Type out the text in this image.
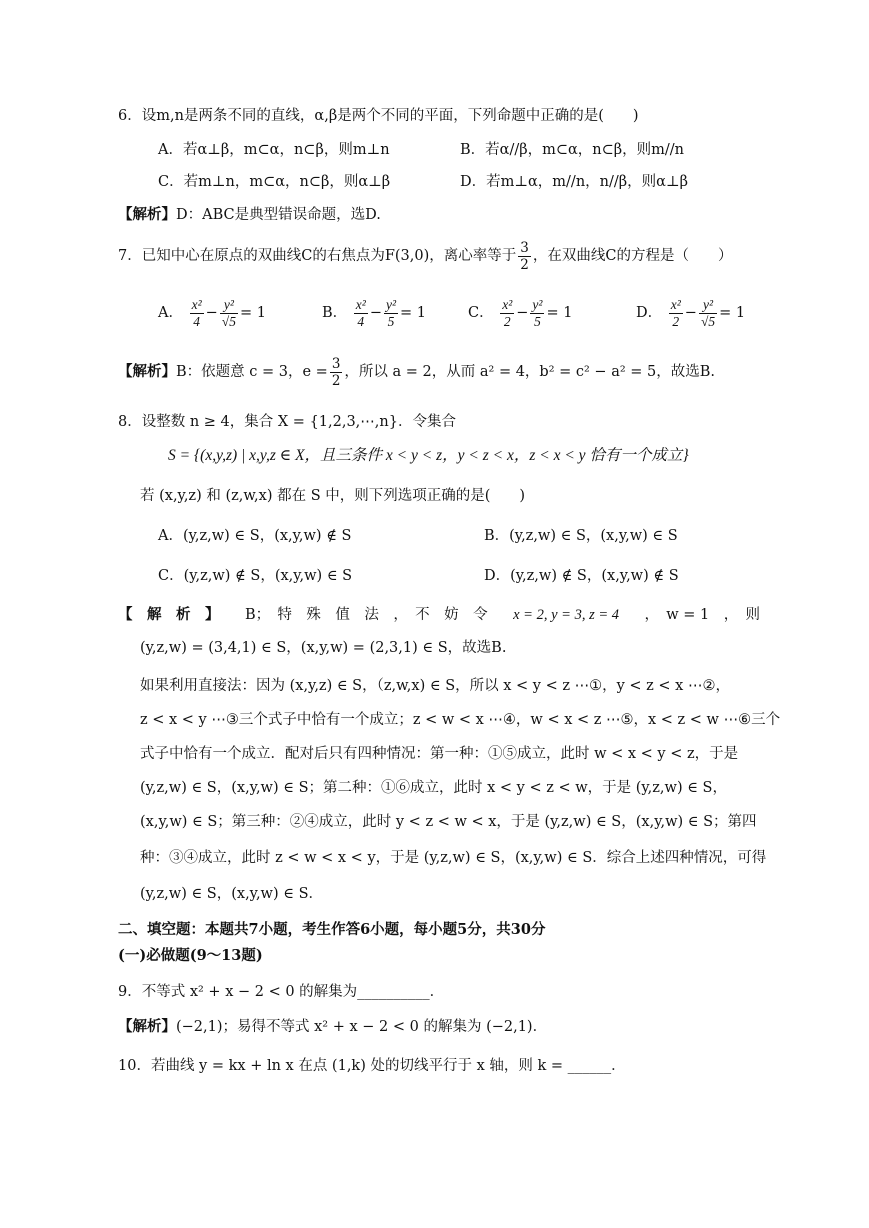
6．设m,n是两条不同的直线，α,β是两个不同的平面，下列命题中正确的是(　　)
A．若α⊥β，m⊂α，n⊂β，则m⊥n	B．若α//β，m⊂α，n⊂β，则m//n
C．若m⊥n，m⊂α，n⊂β，则α⊥β	D．若m⊥α，m//n，n//β，则α⊥β
【解析】D：ABC是典型错误命题，选D.
7．已知中心在原点的双曲线C的右焦点为F(3,0)，离心率等于 $\frac{3}{2}$ ，在双曲线C的方程是（　　）
A． $\frac{\text{x²}}{4} - \frac{\text{y²}}{√5} = 1$	B． $\frac{\text{x²}}{4} - \frac{\text{y²}}{5} = 1$	C． $\frac{\text{x²}}{2} - \frac{\text{y²}}{5} = 1$	D． $\frac{\text{x²}}{2} - \frac{\text{y²}}{√5} = 1$
【解析】B：依题意 c = 3，$e = \frac{3}{2}$ ，所以 a = 2，从而 a² = 4，b² = c² − a² = 5，故选B.
8．设整数 n ≥ 4，集合 X = {1,2,3,⋯,n}．令集合
S = {(x,y,z) | x,y,z ∈ X，且三条件 x < y < z，y < z < x，z < x < y 恰有一个成立}
若 (x,y,z) 和 (z,w,x) 都在 S 中，则下列选项正确的是(　　)
A．(y,z,w) ∈ S，(x,y,w) ∉ S	B．(y,z,w) ∈ S，(x,y,w) ∈ S
C．(y,z,w) ∉ S，(x,y,w) ∈ S	D．(y,z,w) ∉ S，(x,y,w) ∉ S
【　解　析　】 B；　特　殊　值　法　，　不　妨　令 x = 2, y = 3, z = 4 ，　w = 1　，　则
(y,z,w) = (3,4,1) ∈ S，(x,y,w) = (2,3,1) ∈ S，故选B.
如果利用直接法：因为 (x,y,z) ∈ S，（z,w,x) ∈ S，所以 x < y < z ⋯①，y < z < x ⋯②，
z < x < y ⋯③三个式子中恰有一个成立；z < w < x ⋯④，w < x < z ⋯⑤，x < z < w ⋯⑥三个
式子中恰有一个成立．配对后只有四种情况：第一种：①⑤成立，此时 w < x < y < z，于是
(y,z,w) ∈ S，(x,y,w) ∈ S；第二种：①⑥成立，此时 x < y < z < w，于是 (y,z,w) ∈ S，
(x,y,w) ∈ S；第三种：②④成立，此时 y < z < w < x，于是 (y,z,w) ∈ S，(x,y,w) ∈ S；第四
种：③④成立，此时 z < w < x < y，于是 (y,z,w) ∈ S，(x,y,w) ∈ S．综合上述四种情况，可得
(y,z,w) ∈ S，(x,y,w) ∈ S．
二、填空题：本题共7小题，考生作答6小题，每小题5分，共30分
(一)必做题(9～13题)
9．不等式 x² + x − 2 < 0 的解集为__________．
【解析】(−2,1)；易得不等式 x² + x − 2 < 0 的解集为 (−2,1)．
10．若曲线 y = kx + ln x 在点 (1,k) 处的切线平行于 x 轴，则 k = ______．
